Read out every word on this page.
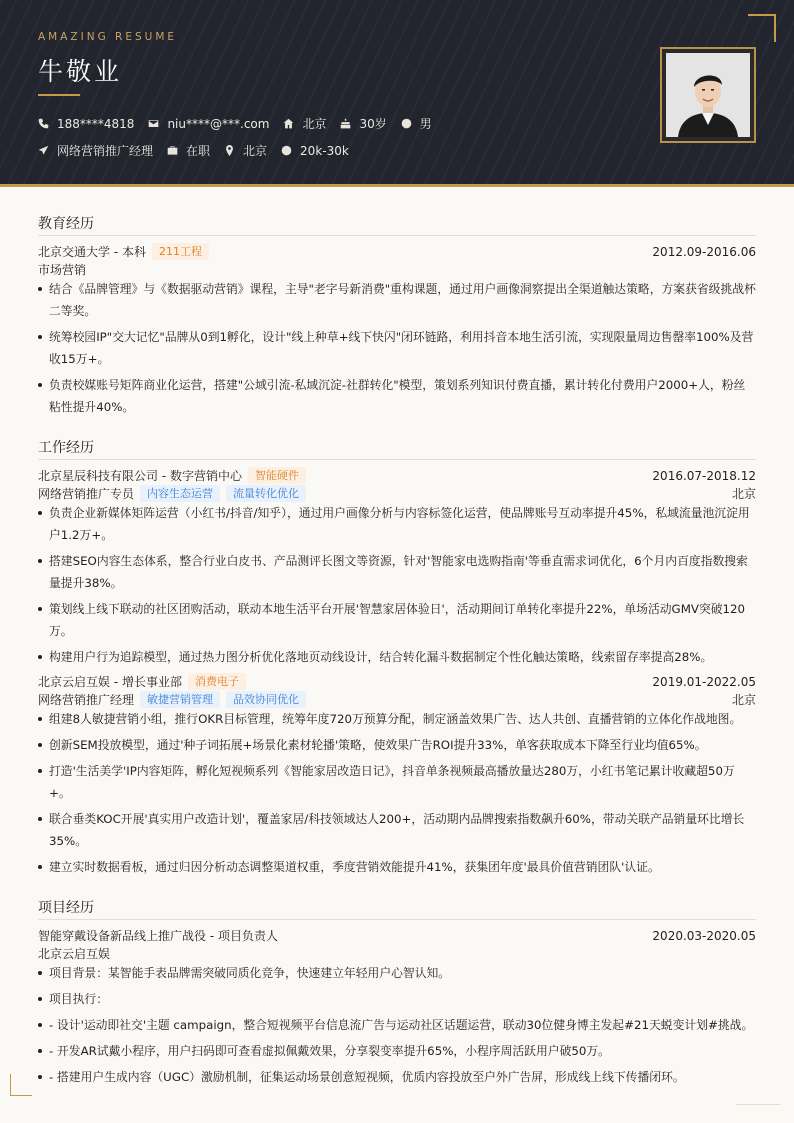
AMAZING RESUME
牛敬业
188****4818	niu****@***.com	北京	30岁	男
网络营销推广经理	在职	北京	20k-30k
教育经历
北京交通大学 - 本科	211工程	2012.09-2016.06
市场营销
结合《品牌管理》与《数据驱动营销》课程，主导"老字号新消费"重构课题，通过用户画像洞察提出全渠道触达策略，方案获省级挑战杯二等奖。
统筹校园IP"交大记忆"品牌从0到1孵化，设计"线上种草+线下快闪"闭环链路，利用抖音本地生活引流，实现限量周边售罄率100%及营收15万+。
负责校媒账号矩阵商业化运营，搭建"公域引流-私域沉淀-社群转化"模型，策划系列知识付费直播，累计转化付费用户2000+人，粉丝粘性提升40%。
工作经历
北京星辰科技有限公司 - 数字营销中心	智能硬件	2016.07-2018.12
网络营销推广专员	内容生态运营	流量转化优化	北京
负责企业新媒体矩阵运营（小红书/抖音/知乎），通过用户画像分析与内容标签化运营，使品牌账号互动率提升45%，私域流量池沉淀用户1.2万+。
搭建SEO内容生态体系，整合行业白皮书、产品测评长图文等资源，针对'智能家电选购指南'等垂直需求词优化，6个月内百度指数搜索量提升38%。
策划线上线下联动的社区团购活动，联动本地生活平台开展'智慧家居体验日'，活动期间订单转化率提升22%，单场活动GMV突破120万。
构建用户行为追踪模型，通过热力图分析优化落地页动线设计，结合转化漏斗数据制定个性化触达策略，线索留存率提高28%。
北京云启互娱 - 增长事业部	消费电子	2019.01-2022.05
网络营销推广经理	敏捷营销管理	品效协同优化	北京
组建8人敏捷营销小组，推行OKR目标管理，统筹年度720万预算分配，制定涵盖效果广告、达人共创、直播营销的立体化作战地图。
创新SEM投放模型，通过'种子词拓展+场景化素材轮播'策略，使效果广告ROI提升33%，单客获取成本下降至行业均值65%。
打造'生活美学'IP内容矩阵，孵化短视频系列《智能家居改造日记》，抖音单条视频最高播放量达280万，小红书笔记累计收藏超50万+。
联合垂类KOC开展'真实用户改造计划'，覆盖家居/科技领域达人200+，活动期内品牌搜索指数飙升60%，带动关联产品销量环比增长35%。
建立实时数据看板，通过归因分析动态调整渠道权重，季度营销效能提升41%，获集团年度'最具价值营销团队'认证。
项目经历
智能穿戴设备新品线上推广战役 - 项目负责人	2020.03-2020.05
北京云启互娱
项目背景：某智能手表品牌需突破同质化竞争，快速建立年轻用户心智认知。
项目执行：
- 设计'运动即社交'主题 campaign，整合短视频平台信息流广告与运动社区话题运营，联动30位健身博主发起#21天蜕变计划#挑战。
- 开发AR试戴小程序，用户扫码即可查看虚拟佩戴效果，分享裂变率提升65%，小程序周活跃用户破50万。
- 搭建用户生成内容（UGC）激励机制，征集运动场景创意短视频，优质内容投放至户外广告屏，形成线上线下传播闭环。
